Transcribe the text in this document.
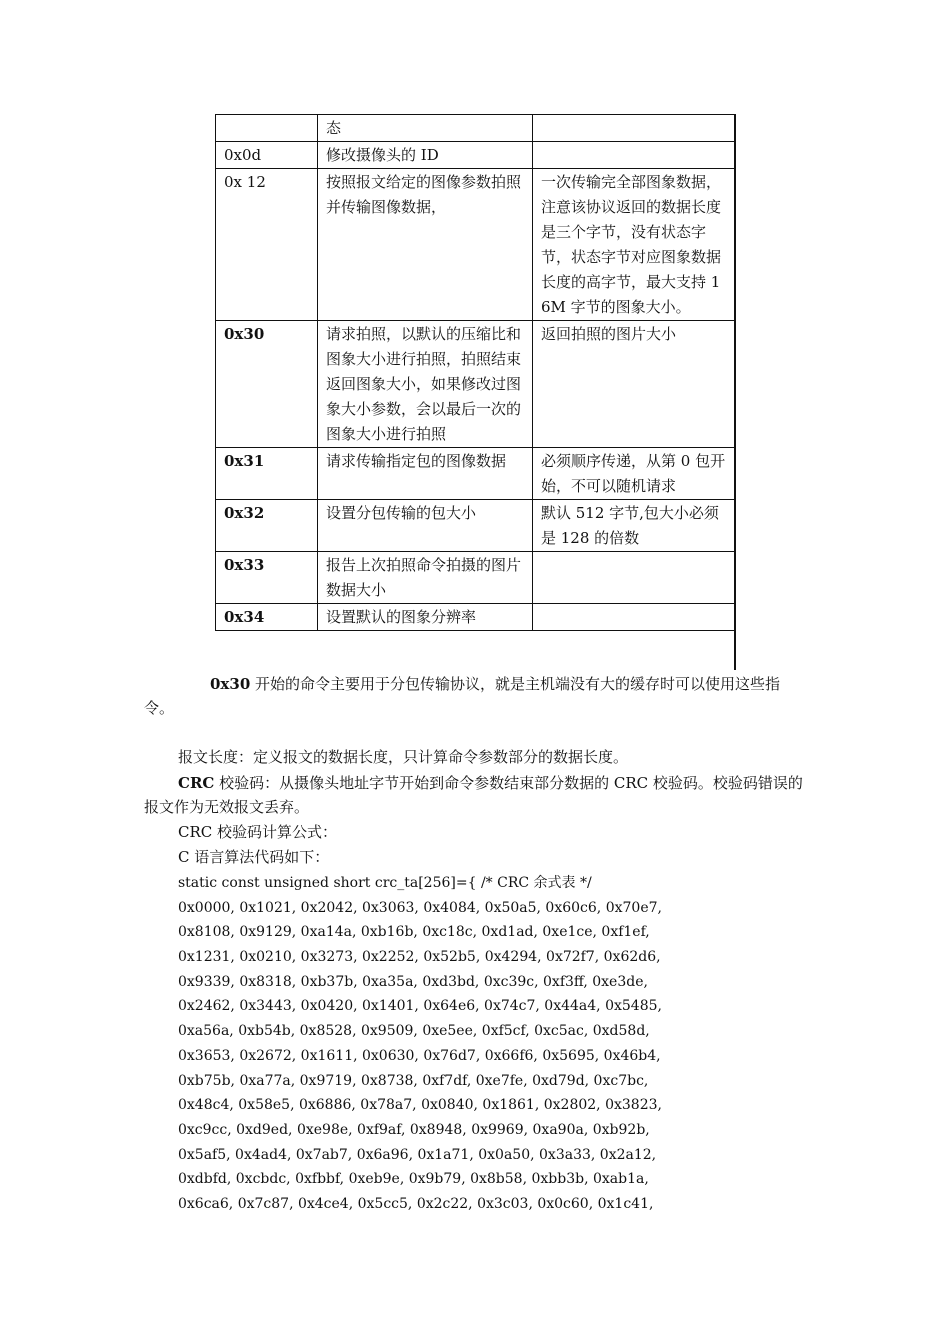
	态	
0x0d	修改摄像头的 ID	
0x 12	按照报文给定的图像参数拍照并传输图像数据，	一次传输完全部图象数据，注意该协议返回的数据长度是三个字节，没有状态字节，状态字节对应图象数据长度的高字节，最大支持 16M 字节的图象大小。
0x30	请求拍照，以默认的压缩比和图象大小进行拍照，拍照结束返回图象大小，如果修改过图象大小参数，会以最后一次的图象大小进行拍照	返回拍照的图片大小
0x31	请求传输指定包的图像数据	必须顺序传递，从第 0 包开始，不可以随机请求
0x32	设置分包传输的包大小	默认 512 字节,包大小必须是 128 的倍数
0x33	报告上次拍照命令拍摄的图片数据大小	
0x34	设置默认的图象分辨率	
0x30 开始的命令主要用于分包传输协议，就是主机端没有大的缓存时可以使用这些指令。
报文长度：定义报文的数据长度，只计算命令参数部分的数据长度。
CRC 校验码：从摄像头地址字节开始到命令参数结束部分数据的 CRC 校验码。校验码错误的报文作为无效报文丢弃。
CRC 校验码计算公式：
C 语言算法代码如下：
static const unsigned short crc_ta[256]={ /* CRC 余式表 */
0x0000, 0x1021, 0x2042, 0x3063, 0x4084, 0x50a5, 0x60c6, 0x70e7,
0x8108, 0x9129, 0xa14a, 0xb16b, 0xc18c, 0xd1ad, 0xe1ce, 0xf1ef,
0x1231, 0x0210, 0x3273, 0x2252, 0x52b5, 0x4294, 0x72f7, 0x62d6,
0x9339, 0x8318, 0xb37b, 0xa35a, 0xd3bd, 0xc39c, 0xf3ff, 0xe3de,
0x2462, 0x3443, 0x0420, 0x1401, 0x64e6, 0x74c7, 0x44a4, 0x5485,
0xa56a, 0xb54b, 0x8528, 0x9509, 0xe5ee, 0xf5cf, 0xc5ac, 0xd58d,
0x3653, 0x2672, 0x1611, 0x0630, 0x76d7, 0x66f6, 0x5695, 0x46b4,
0xb75b, 0xa77a, 0x9719, 0x8738, 0xf7df, 0xe7fe, 0xd79d, 0xc7bc,
0x48c4, 0x58e5, 0x6886, 0x78a7, 0x0840, 0x1861, 0x2802, 0x3823,
0xc9cc, 0xd9ed, 0xe98e, 0xf9af, 0x8948, 0x9969, 0xa90a, 0xb92b,
0x5af5, 0x4ad4, 0x7ab7, 0x6a96, 0x1a71, 0x0a50, 0x3a33, 0x2a12,
0xdbfd, 0xcbdc, 0xfbbf, 0xeb9e, 0x9b79, 0x8b58, 0xbb3b, 0xab1a,
0x6ca6, 0x7c87, 0x4ce4, 0x5cc5, 0x2c22, 0x3c03, 0x0c60, 0x1c41,
